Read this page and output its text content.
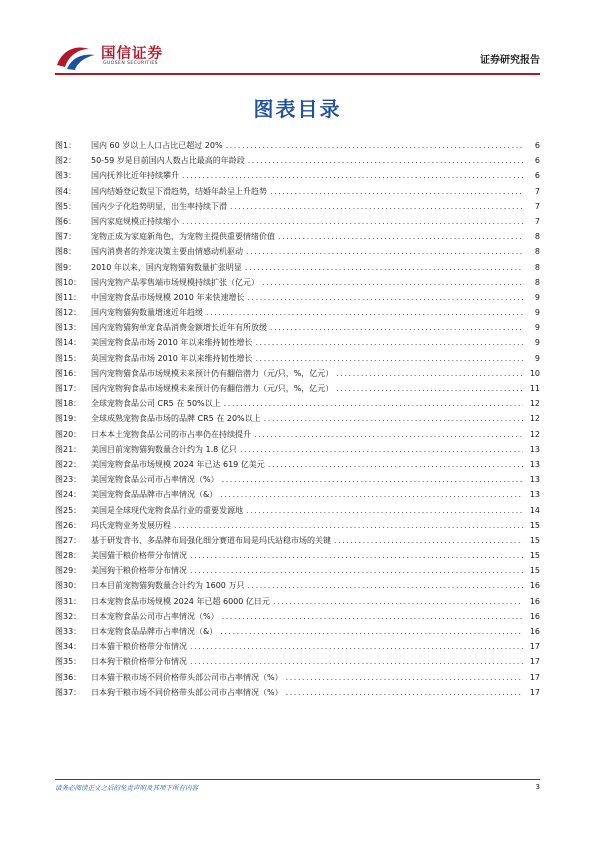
国信证券
GUOSEN SECURITIES	证券研究报告
图表目录
图1：	国内 60 岁以上人口占比已超过 20% . . .	6
图2：	50-59 岁是目前国内人数占比最高的年龄段 . . .	6
图3：	国内抚养比近年持续攀升 . . .	6
图4：	国内结婚登记数呈下滑趋势，结婚年龄呈上升趋势 . . .	7
图5：	国内少子化趋势明显，出生率持续下滑 . . .	7
图6：	国内家庭规模正持续缩小 . . .	7
图7：	宠物正成为家庭新角色，为宠物主提供重要情绪价值 . . .	8
图8：	国内消费者的养宠决策主要由情感动机驱动 . . .	8
图9：	2010 年以来，国内宠物猫狗数量扩张明显 . . .	8
图10：	国内宠物产品零售端市场规模持续扩张（亿元） . . .	8
图11：	中国宠物食品市场规模 2010 年来快速增长 . . .	9
图12：	国内宠物猫狗数量增速近年趋缓 . . .	9
图13：	国内宠物猫狗单宠食品消费金额增长近年有所放缓 . . .	9
图14：	美国宠物食品市场 2010 年以来维持韧性增长 . . .	9
图15：	英国宠物食品市场 2010 年以来维持韧性增长 . . .	9
图16：	国内宠物猫食品市场规模未来预计仍有翻倍潜力（元/只，%，亿元） . . .	10
图17：	国内宠物狗食品市场规模未来预计仍有翻倍潜力（元/只，%，亿元） . . .	11
图18：	全球宠物食品公司 CR5 在 50%以上 . . .	12
图19：	全球成熟宠物食品市场的品牌 CR5 在 20%以上 . . .	12
图20：	日本本土宠物食品公司的市占率仍在持续提升 . . .	12
图21：	美国目前宠物猫狗数量合计约为 1.8 亿只 . . .	13
图22：	美国宠物食品市场规模 2024 年已达 619 亿美元 . . .	13
图23：	美国宠物食品公司市占率情况（%） . . .	13
图24：	美国宠物食品品牌市占率情况（&） . . .	13
图25：	美国是全球现代宠物食品行业的重要发源地 . . .	14
图26：	玛氏宠物业务发展历程 . . .	15
图27：	基于研发背书、多品牌布局强化细分赛道布局是玛氏站稳市场的关键 . . .	15
图28：	美国猫干粮价格带分布情况 . . .	15
图29：	美国狗干粮价格带分布情况 . . .	15
图30：	日本目前宠物猫狗数量合计约为 1600 万只 . . .	16
图31：	日本宠物食品市场规模 2024 年已超 6000 亿日元 . . .	16
图32：	日本宠物食品公司市占率情况（%） . . .	16
图33：	日本宠物食品品牌市占率情况（&） . . .	16
图34：	日本猫干粮价格带分布情况 . . .	17
图35：	日本狗干粮价格带分布情况 . . .	17
图36：	日本猫干粮市场不同价格带头部公司市占率情况（%） . . .	17
图37：	日本狗干粮市场不同价格带头部公司市占率情况（%） . . .	17
请务必阅读正文之后的免责声明及其项下所有内容	3
